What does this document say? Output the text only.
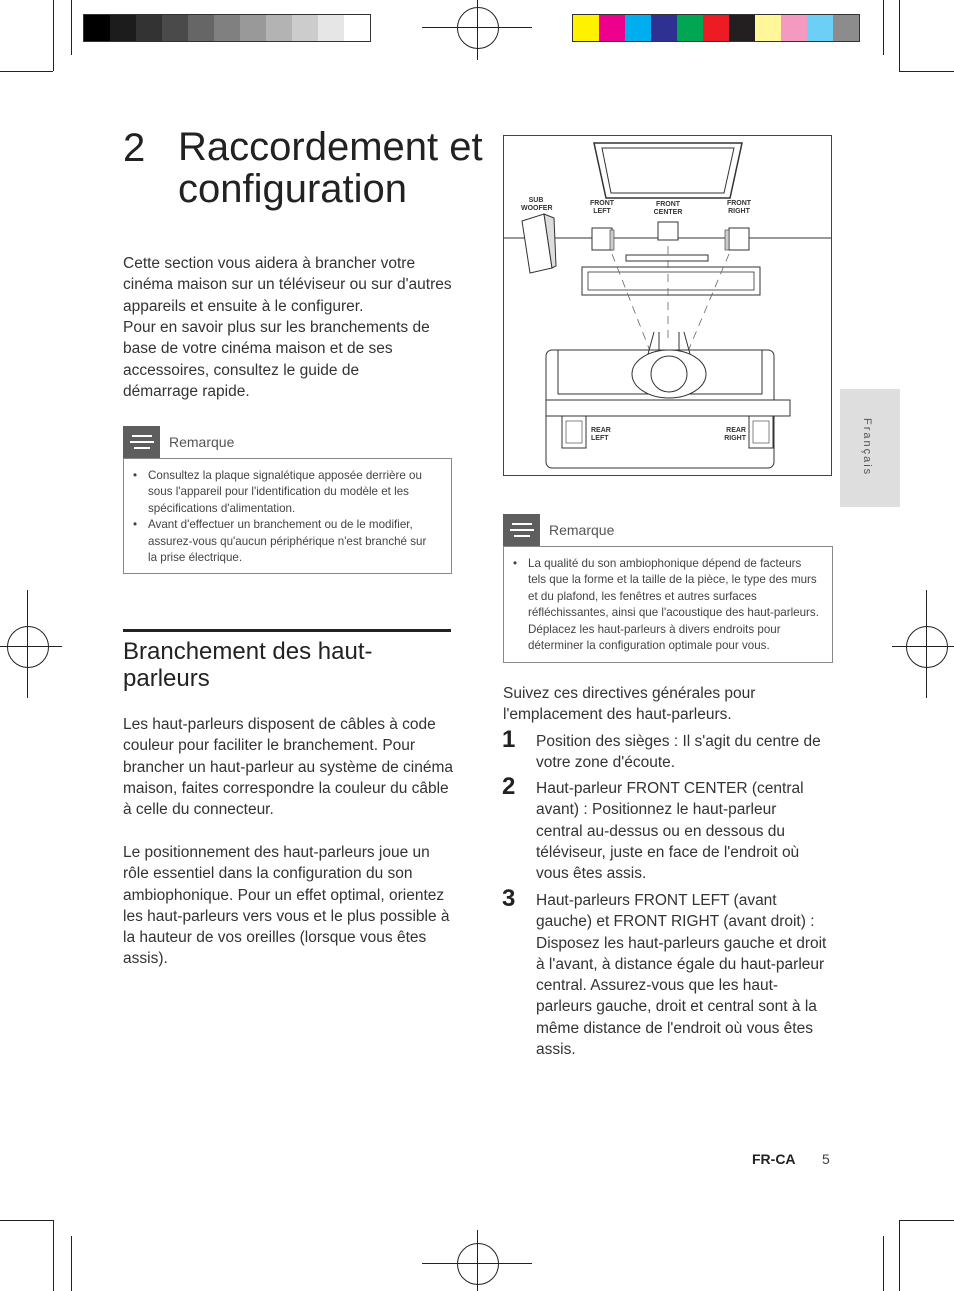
2 Raccordement et configuration
Cette section vous aidera à brancher votre cinéma maison sur un téléviseur ou sur d'autres appareils et ensuite à le configurer.
Pour en savoir plus sur les branchements de base de votre cinéma maison et de ses accessoires, consultez le guide de démarrage rapide.
Remarque
• Consultez la plaque signalétique apposée derrière ou sous l'appareil pour l'identification du modèle et les spécifications d'alimentation.
• Avant d'effectuer un branchement ou de le modifier, assurez-vous qu'aucun périphérique n'est branché sur la prise électrique.
Branchement des haut-parleurs
Les haut-parleurs disposent de câbles à code couleur pour faciliter le branchement. Pour brancher un haut-parleur au système de cinéma maison, faites correspondre la couleur du câble à celle du connecteur.
Le positionnement des haut-parleurs joue un rôle essentiel dans la configuration du son ambiophonique. Pour un effet optimal, orientez les haut-parleurs vers vous et le plus possible à la hauteur de vos oreilles (lorsque vous êtes assis).
SUB WOOFER
FRONT LEFT
FRONT CENTER
FRONT RIGHT
REAR LEFT
REAR RIGHT
Remarque
• La qualité du son ambiophonique dépend de facteurs tels que la forme et la taille de la pièce, le type des murs et du plafond, les fenêtres et autres surfaces réfléchissantes, ainsi que l'acoustique des haut-parleurs. Déplacez les haut-parleurs à divers endroits pour déterminer la configuration optimale pour vous.
Suivez ces directives générales pour l'emplacement des haut-parleurs.
1 Position des sièges : Il s'agit du centre de votre zone d'écoute.
2 Haut-parleur FRONT CENTER (central avant) : Positionnez le haut-parleur central au-dessus ou en dessous du téléviseur, juste en face de l'endroit où vous êtes assis.
3 Haut-parleurs FRONT LEFT (avant gauche) et FRONT RIGHT (avant droit) : Disposez les haut-parleurs gauche et droit à l'avant, à distance égale du haut-parleur central. Assurez-vous que les haut-parleurs gauche, droit et central sont à la même distance de l'endroit où vous êtes assis.
Français
FR-CA 5
